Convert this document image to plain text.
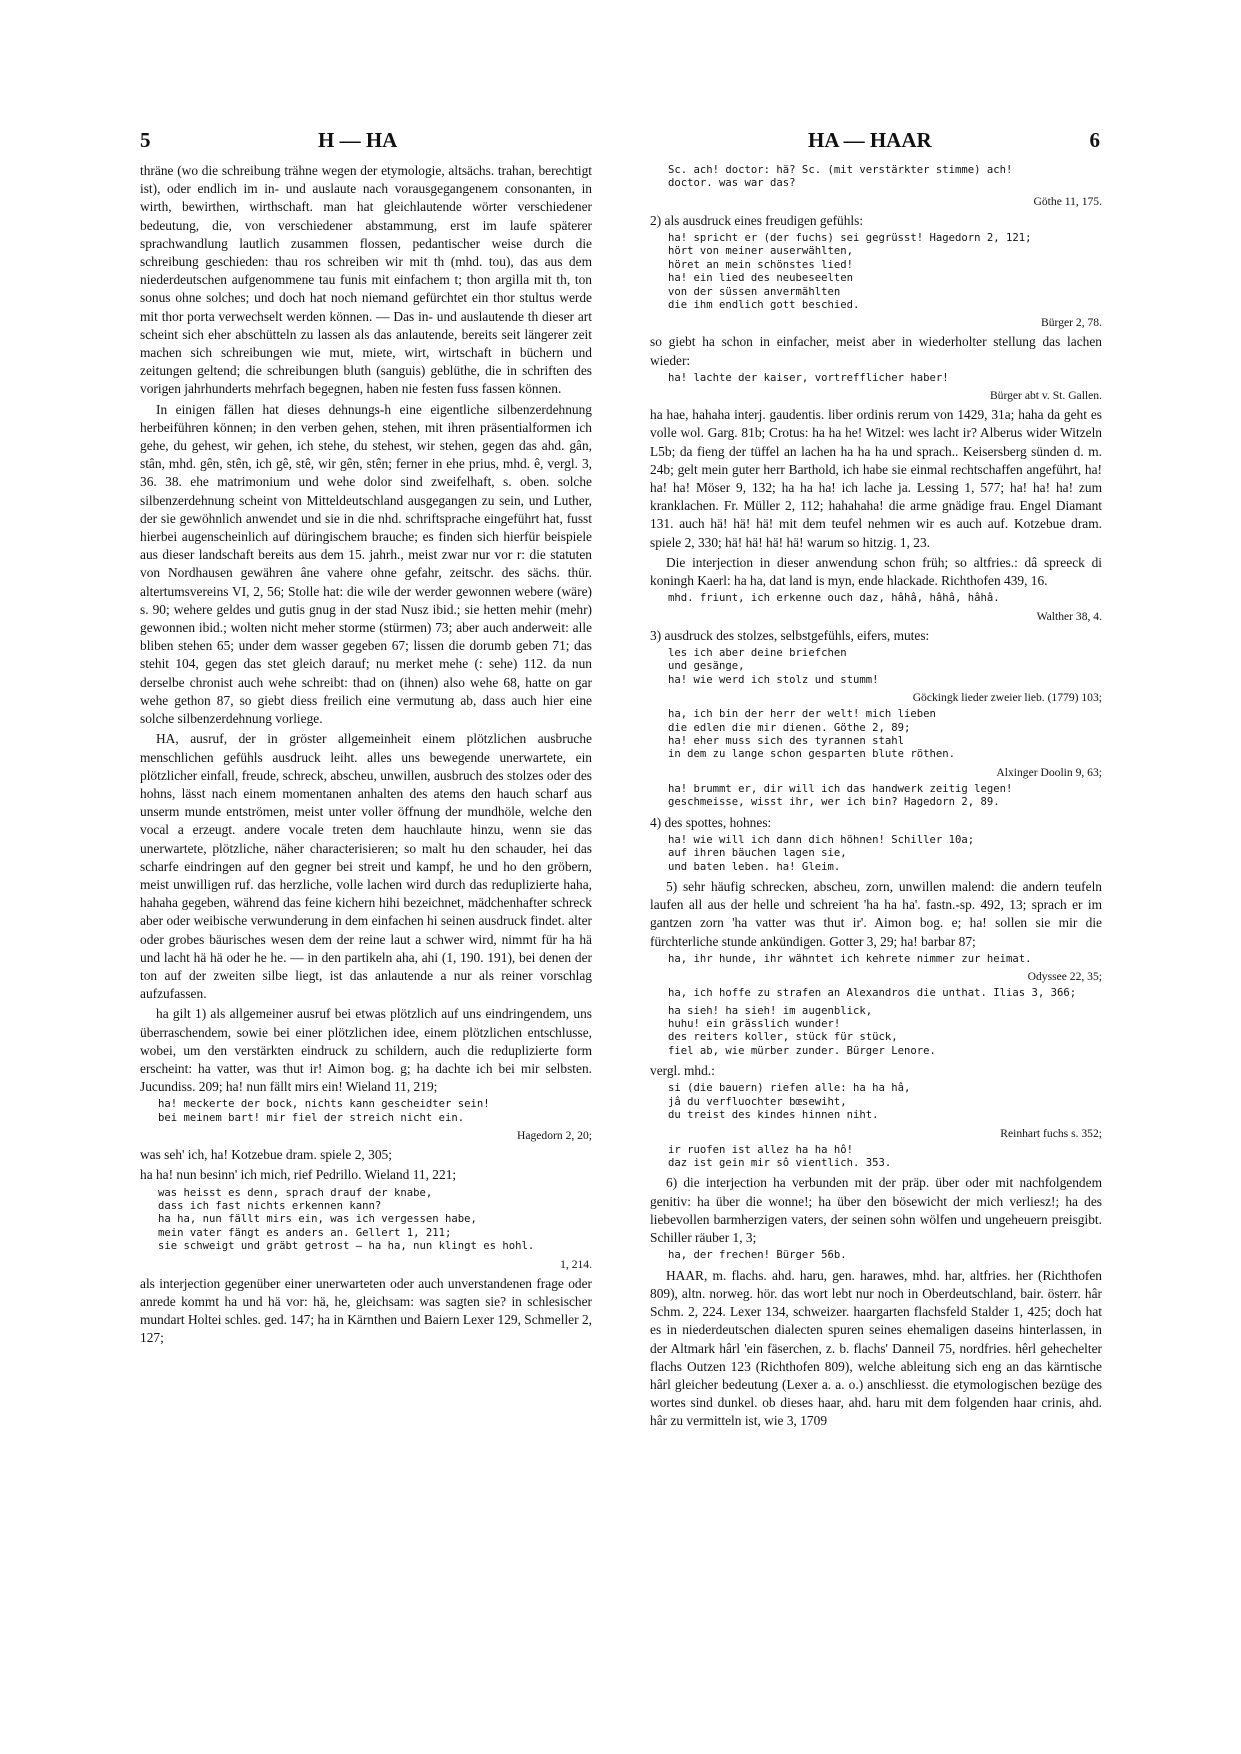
5	H — HA	HA — HAAR	6

thräne (wo die schreibung trähne wegen der etymologie, altsächs. trahan, berechtigt ist), oder endlich im in- und auslaute nach vorausgegangenem consonanten, in wirth, bewirthen, wirthschaft. man hat gleichlautende wörter verschiedener bedeutung, die, von verschiedener abstammung, erst im laufe späterer sprachwandlung lautlich zusammen flossen, pedantischer weise durch die schreibung geschieden: thau ros schreiben wir mit th (mhd. tou), das aus dem niederdeutschen aufgenommene tau funis mit einfachem t; thon argilla mit th, ton sonus ohne solches; und doch hat noch niemand gefürchtet ein thor stultus werde mit thor porta verwechselt werden können. — Das in- und auslautende th dieser art scheint sich eher abschütteln zu lassen als das anlautende, bereits seit längerer zeit machen sich schreibungen wie mut, miete, wirt, wirtschaft in büchern und zeitungen geltend; die schreibungen bluth (sanguis) geblüthe, die in schriften des vorigen jahrhunderts mehrfach begegnen, haben nie festen fuss fassen können.

In einigen fällen hat dieses dehnungs-h eine eigentliche silbenzerdehnung herbeiführen können; in den verben gehen, stehen, mit ihren präsentialformen ich gehe, du gehest, wir gehen, ich stehe, du stehest, wir stehen, gegen das ahd. gân, stân, mhd. gên, stên, ich gê, stê, wir gên, stên; ferner in ehe prius, mhd. ê, vergl. 3, 36. 38. ehe matrimonium und wehe dolor sind zweifelhaft, s. oben. solche silbenzerdehnung scheint von Mitteldeutschland ausgegangen zu sein, und Luther, der sie gewöhnlich anwendet und sie in die nhd. schriftsprache eingeführt hat, fusst hierbei augenscheinlich auf düringischem brauche; es finden sich hierfür beispiele aus dieser landschaft bereits aus dem 15. jahrh., meist zwar nur vor r: die statuten von Nordhausen gewähren âne vahere ohne gefahr, zeitschr. des sächs. thür. altertumsvereins VI, 2, 56; Stolle hat: die wile der werder gewonnen webere (wäre) s. 90; wehere geldes und gutis gnug in der stad Nusz ibid.; sie hetten mehir (mehr) gewonnen ibid.; wolten nicht meher storme (stürmen) 73; aber auch anderweit: alle bliben stehen 65; under dem wasser gegeben 67; lissen die dorumb geben 71; das stehit 104, gegen das stet gleich darauf; nu merket mehe (: sehe) 112. da nun derselbe chronist auch wehe schreibt: thad on (ihnen) also wehe 68, hatte on gar wehe gethon 87, so giebt diess freilich eine vermutung ab, dass auch hier eine solche silbenzerdehnung vorliege.

HA, ausruf, der in gröster allgemeinheit einem plötzlichen ausbruche menschlichen gefühls ausdruck leiht. alles uns bewegende unerwartete, ein plötzlicher einfall, freude, schreck, abscheu, unwillen, ausbruch des stolzes oder des hohns, lässt nach einem momentanen anhalten des atems den hauch scharf aus unserm munde entströmen, meist unter voller öffnung der mundhöle, welche den vocal a erzeugt. andere vocale treten dem hauchlaute hinzu, wenn sie das unerwartete, plötzliche, näher characterisieren; so malt hu den schauder, hei das scharfe eindringen auf den gegner bei streit und kampf, he und ho den gröbern, meist unwilligen ruf. das herzliche, volle lachen wird durch das reduplizierte haha, hahaha gegeben, während das feine kichern hihi bezeichnet, mädchenhafter schreck aber oder weibische verwunderung in dem einfachen hi seinen ausdruck findet. alter oder grobes bäurisches wesen dem der reine laut a schwer wird, nimmt für ha hä und lacht hä hä oder he he. — in den partikeln aha, ahi (1, 190. 191), bei denen der ton auf der zweiten silbe liegt, ist das anlautende a nur als reiner vorschlag aufzufassen.

ha gilt 1) als allgemeiner ausruf bei etwas plötzlich auf uns eindringendem, uns überraschendem, sowie bei einer plötzlichen idee, einem plötzlichen entschlusse, wobei, um den verstärkten eindruck zu schildern, auch die reduplizierte form erscheint: ha vatter, was thut ir! Aimon bog. g; ha dachte ich bei mir selbsten. Jucundiss. 209; ha! nun fällt mirs ein! Wieland 11, 219;

ha! meckerte der bock, nichts kann gescheidter sein!
bei meinem bart! mir fiel der streich nicht ein.
Hagedorn 2, 20;

was seh' ich, ha! Kotzebue dram. spiele 2, 305;

ha ha! nun besinn' ich mich, rief Pedrillo. Wieland 11, 221;

was heisst es denn, sprach drauf der knabe,
dass ich fast nichts erkennen kann?
ha ha, nun fällt mirs ein, was ich vergessen habe,
mein vater fängt es anders an. Gellert 1, 211;
sie schweigt und gräbt getrost — ha ha, nun klingt es hohl.
1, 214.

als interjection gegenüber einer unerwarteten oder auch unverstandenen frage oder anrede kommt ha und hä vor: hä, he, gleichsam: was sagten sie? in schlesischer mundart Holtei schles. ged. 147; ha in Kärnthen und Baiern Lexer 129, Schmeller 2, 127;

Sc. ach! doctor: hä? Sc. (mit verstärkter stimme) ach!
doctor. was war das?
Göthe 11, 175.

2) als ausdruck eines freudigen gefühls:

ha! spricht er (der fuchs) sei gegrüsst! Hagedorn 2, 121;
hört von meiner auserwählten,
höret an mein schönstes lied!
ha! ein lied des neubeseelten
von der süssen anvermählten
die ihm endlich gott beschied.
Bürger 2, 78.

so giebt ha schon in einfacher, meist aber in wiederholter stellung das lachen wieder:

ha! lachte der kaiser, vortrefflicher haber!
Bürger abt v. St. Gallen.

ha hae, hahaha interj. gaudentis. liber ordinis rerum von 1429, 31a; haha da geht es volle wol. Garg. 81b; Crotus: ha ha he! Witzel: wes lacht ir? Alberus wider Witzeln L5b; da fieng der tüffel an lachen ha ha ha und sprach.. Keisersberg sünden d. m. 24b; gelt mein guter herr Barthold, ich habe sie einmal rechtschaffen angeführt, ha! ha! ha! Möser 9, 132; ha ha ha! ich lache ja. Lessing 1, 577; ha! ha! ha! zum kranklachen. Fr. Müller 2, 112; hahahaha! die arme gnädige frau. Engel Diamant 131. auch hä! hä! hä! mit dem teufel nehmen wir es auch auf. Kotzebue dram. spiele 2, 330; hä! hä! hä! hä! warum so hitzig. 1, 23.

Die interjection in dieser anwendung schon früh; so altfries.: dâ spreeck di koningh Kaerl: ha ha, dat land is myn, ende hlackade. Richthofen 439, 16.

mhd. friunt, ich erkenne ouch daz, hâhâ, hâhâ, hâhâ.
Walther 38, 4.

3) ausdruck des stolzes, selbstgefühls, eifers, mutes:

les ich aber deine briefchen
und gesänge,
ha! wie werd ich stolz und stumm!
Göckingk lieder zweier lieb. (1779) 103;
ha, ich bin der herr der welt! mich lieben
die edlen die mir dienen. Göthe 2, 89;
ha! eher muss sich des tyrannen stahl
in dem zu lange schon gesparten blute röthen.
Alxinger Doolin 9, 63;
ha! brummt er, dir will ich das handwerk zeitig legen!
geschmeisse, wisst ihr, wer ich bin? Hagedorn 2, 89.

4) des spottes, hohnes:

ha! wie will ich dann dich höhnen! Schiller 10a;
auf ihren bäuchen lagen sie,
und baten leben. ha! Gleim.

5) sehr häufig schrecken, abscheu, zorn, unwillen malend: die andern teufeln laufen all aus der helle und schreient 'ha ha ha'. fastn.-sp. 492, 13; sprach er im gantzen zorn 'ha vatter was thut ir'. Aimon bog. e; ha! sollen sie mir die fürchterliche stunde ankündigen. Gotter 3, 29; ha! barbar 87;

ha, ihr hunde, ihr wähntet ich kehrete nimmer zur heimat.
Odyssee 22, 35;
ha, ich hoffe zu strafen an Alexandros die unthat. Ilias 3, 366;
ha sieh! ha sieh! im augenblick,
huhu! ein grässlich wunder!
des reiters koller, stück für stück,
fiel ab, wie mürber zunder. Bürger Lenore.

vergl. mhd.:

si (die bauern) riefen alle: ha ha hâ,
jâ du verfluochter bœsewiht,
du treist des kindes hinnen niht.
Reinhart fuchs s. 352;
ir ruofen ist allez ha ha hô!
daz ist gein mir sô vientlich. 353.

6) die interjection ha verbunden mit der präp. über oder mit nachfolgendem genitiv: ha über die wonne!; ha über den bösewicht der mich verliesz!; ha des liebevollen barmherzigen vaters, der seinen sohn wölfen und ungeheuern preisgibt. Schiller räuber 1, 3;

ha, der frechen! Bürger 56b.

HAAR, m. flachs. ahd. haru, gen. harawes, mhd. har, altfries. her (Richthofen 809), altn. norweg. hör. das wort lebt nur noch in Oberdeutschland, bair. österr. hâr Schm. 2, 224. Lexer 134, schweizer. haargarten flachsfeld Stalder 1, 425; doch hat es in niederdeutschen dialecten spuren seines ehemaligen daseins hinterlassen, in der Altmark hârl 'ein fäserchen, z. b. flachs' Danneil 75, nordfries. hêrl gehechelter flachs Outzen 123 (Richthofen 809), welche ableitung sich eng an das kärntische hârl gleicher bedeutung (Lexer a. a. o.) anschliesst. die etymologischen bezüge des wortes sind dunkel. ob dieses haar, ahd. haru mit dem folgenden haar crinis, ahd. hâr zu vermitteln ist, wie 3, 1709
